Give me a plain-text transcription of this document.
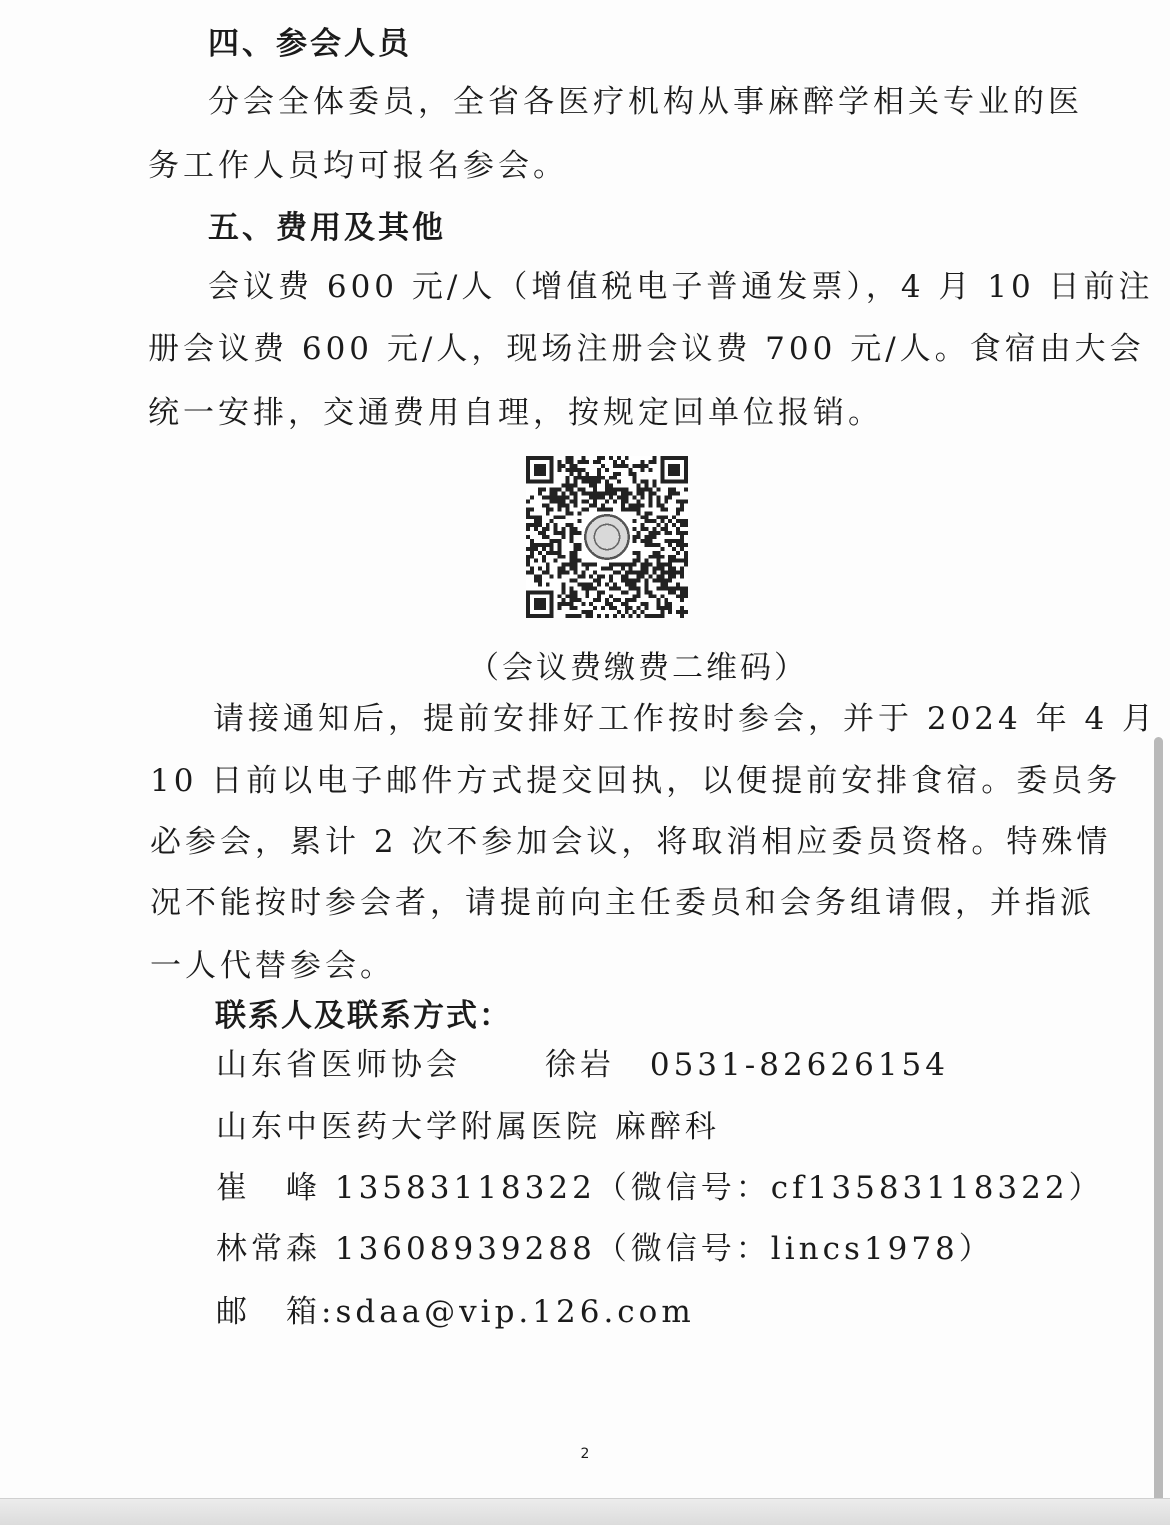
四、参会人员
分会全体委员，全省各医疗机构从事麻醉学相关专业的医
务工作人员均可报名参会。
五、费用及其他
会议费 600 元/人（增值税电子普通发票），4 月 10 日前注
册会议费 600 元/人，现场注册会议费 700 元/人。食宿由大会
统一安排，交通费用自理，按规定回单位报销。
（会议费缴费二维码）
请接通知后，提前安排好工作按时参会，并于 2024 年 4 月
10 日前以电子邮件方式提交回执，以便提前安排食宿。委员务
必参会，累计 2 次不参加会议，将取消相应委员资格。特殊情
况不能按时参会者，请提前向主任委员和会务组请假，并指派
一人代替参会。
联系人及联系方式：
山东省医师协会　　 徐岩　0531-82626154
山东中医药大学附属医院 麻醉科
崔　峰 13583118322（微信号：cf13583118322）
林常森 13608939288（微信号：lincs1978）
邮　箱:sdaa@vip.126.com
2
